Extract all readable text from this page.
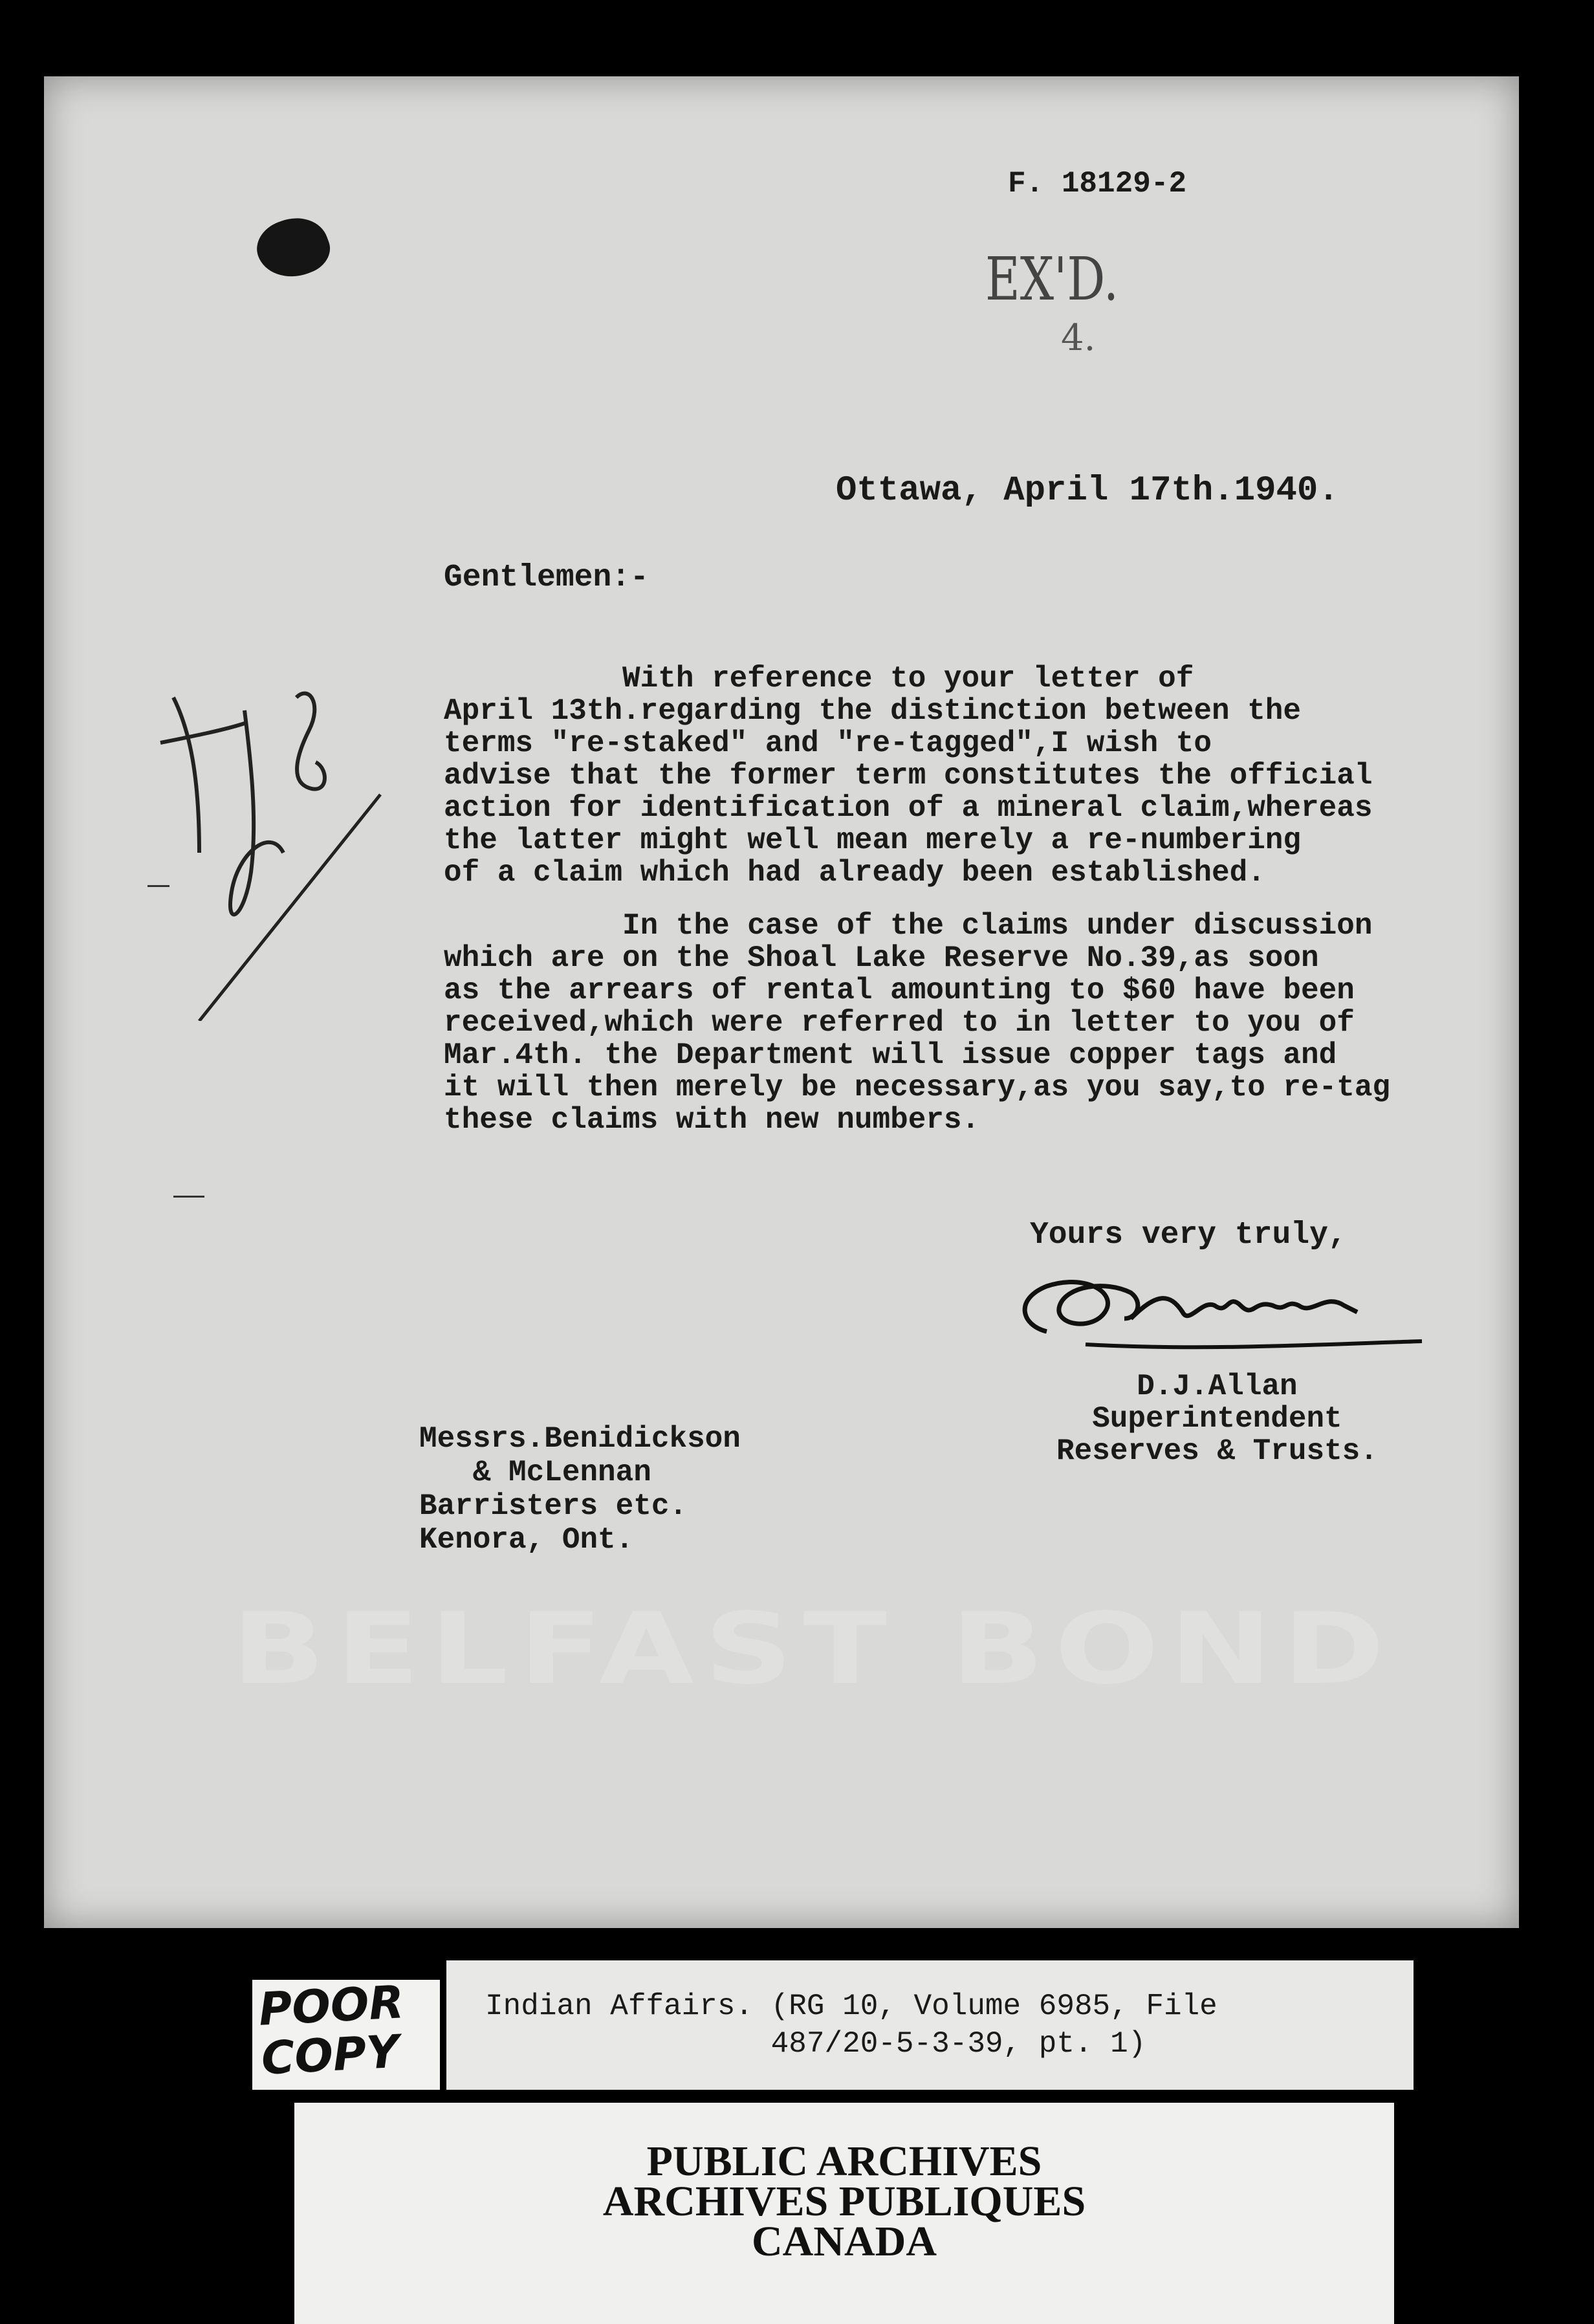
F. 18129-2
EX'D.
4.
Ottawa, April 17th.1940.
Gentlemen:-
With reference to your letter of
April 13th.regarding the distinction between the
terms "re-staked" and "re-tagged",I wish to
advise that the former term constitutes the official
action for identification of a mineral claim,whereas
the latter might well mean merely a re-numbering
of a claim which had already been established.
In the case of the claims under discussion
which are on the Shoal Lake Reserve No.39,as soon
as the arrears of rental amounting to $60 have been
received,which were referred to in letter to you of
Mar.4th. the Department will issue copper tags and
it will then merely be necessary,as you say,to re-tag
these claims with new numbers.
Yours very truly,
D.J.Allan
Superintendent
Reserves & Trusts.
Messrs.Benidickson
& McLennan
Barristers etc.
Kenora, Ont.
BELFAST BOND
POOR
COPY
Indian Affairs. (RG 10, Volume 6985, File
487/20-5-3-39, pt. 1)
PUBLIC ARCHIVES
ARCHIVES PUBLIQUES
CANADA
